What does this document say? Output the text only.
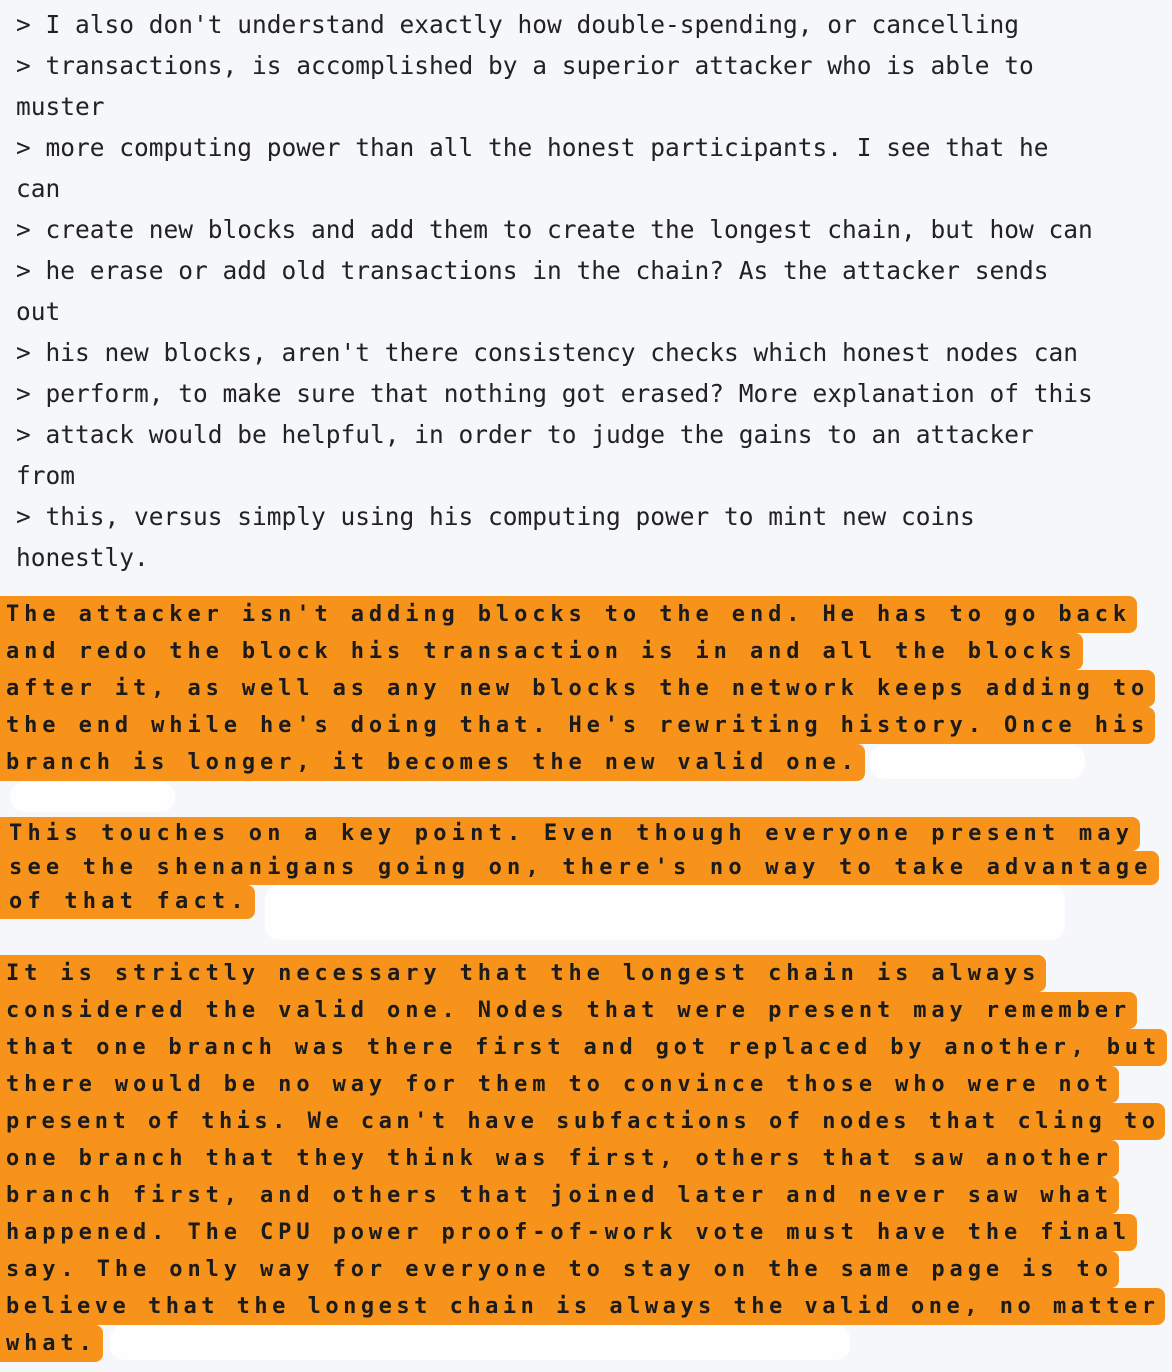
> I also don't understand exactly how double-spending, or cancelling
> transactions, is accomplished by a superior attacker who is able to
muster
> more computing power than all the honest participants. I see that he
can
> create new blocks and add them to create the longest chain, but how can
> he erase or add old transactions in the chain? As the attacker sends
out
> his new blocks, aren't there consistency checks which honest nodes can
> perform, to make sure that nothing got erased? More explanation of this
> attack would be helpful, in order to judge the gains to an attacker
from
> this, versus simply using his computing power to mint new coins
honestly.
The attacker isn't adding blocks to the end. He has to go back
and redo the block his transaction is in and all the blocks
after it, as well as any new blocks the network keeps adding to
the end while he's doing that. He's rewriting history. Once his
branch is longer, it becomes the new valid one.
This touches on a key point. Even though everyone present may
see the shenanigans going on, there's no way to take advantage
of that fact.
It is strictly necessary that the longest chain is always
considered the valid one. Nodes that were present may remember
that one branch was there first and got replaced by another, but
there would be no way for them to convince those who were not
present of this. We can't have subfactions of nodes that cling to
one branch that they think was first, others that saw another
branch first, and others that joined later and never saw what
happened. The CPU power proof-of-work vote must have the final
say. The only way for everyone to stay on the same page is to
believe that the longest chain is always the valid one, no matter
what.
